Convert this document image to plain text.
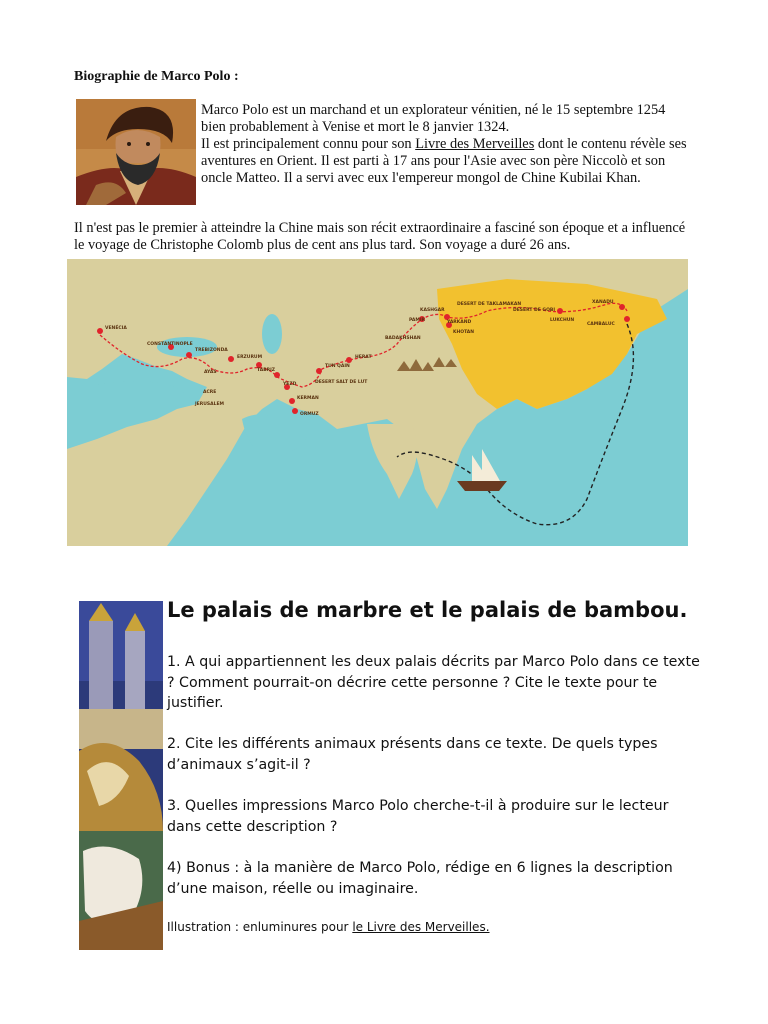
Biographie de Marco Polo :

Marco Polo est un marchand et un explorateur vénitien, né le 15 septembre 1254 bien probablement à Venise et mort le 8 janvier 1324.

Il est principalement connu pour son Livre des Merveilles dont le contenu révèle ses aventures en Orient. Il est parti à 17 ans pour l'Asie avec son père Niccolò et son oncle Matteo. Il a servi avec eux l'empereur mongol de Chine Kubilai Khan.

Il n'est pas le premier à atteindre la Chine mais son récit extraordinaire a fasciné son époque et a influencé le voyage de Christophe Colomb plus de cent ans plus tard. Son voyage a duré 26 ans.

VENÉCIA
CONSTANTINOPLE
TREBIZONDA
ERZURUM
TABRIZ
AYAS
ACRE
JERUSALEM
YEZD
KERMAN
ORMUZ
TUN QAIN
DESERT SALT DE LUT
HERAT
BADAKHSHAN
PAMIR
KASHGAR
YARKAND
KHOTAN
DESERT DE TAKLAMAKAN
DESERT DE GOBI
LUKCHUN
XANADU
CAMBALUC
Le palais de marbre et le palais de bambou.

1. A qui appartiennent les deux palais décrits par Marco Polo dans ce texte ? Comment pourrait-on décrire cette personne ? Cite le texte pour te justifier.

2. Cite les différents animaux présents dans ce texte. De quels types d’animaux s’agit-il ?

3. Quelles impressions Marco Polo cherche-t-il à produire sur le lecteur dans cette description ?

4) Bonus : à la manière de Marco Polo, rédige en 6 lignes la description d’une maison, réelle ou imaginaire.

Illustration : enluminures pour le Livre des Merveilles.
